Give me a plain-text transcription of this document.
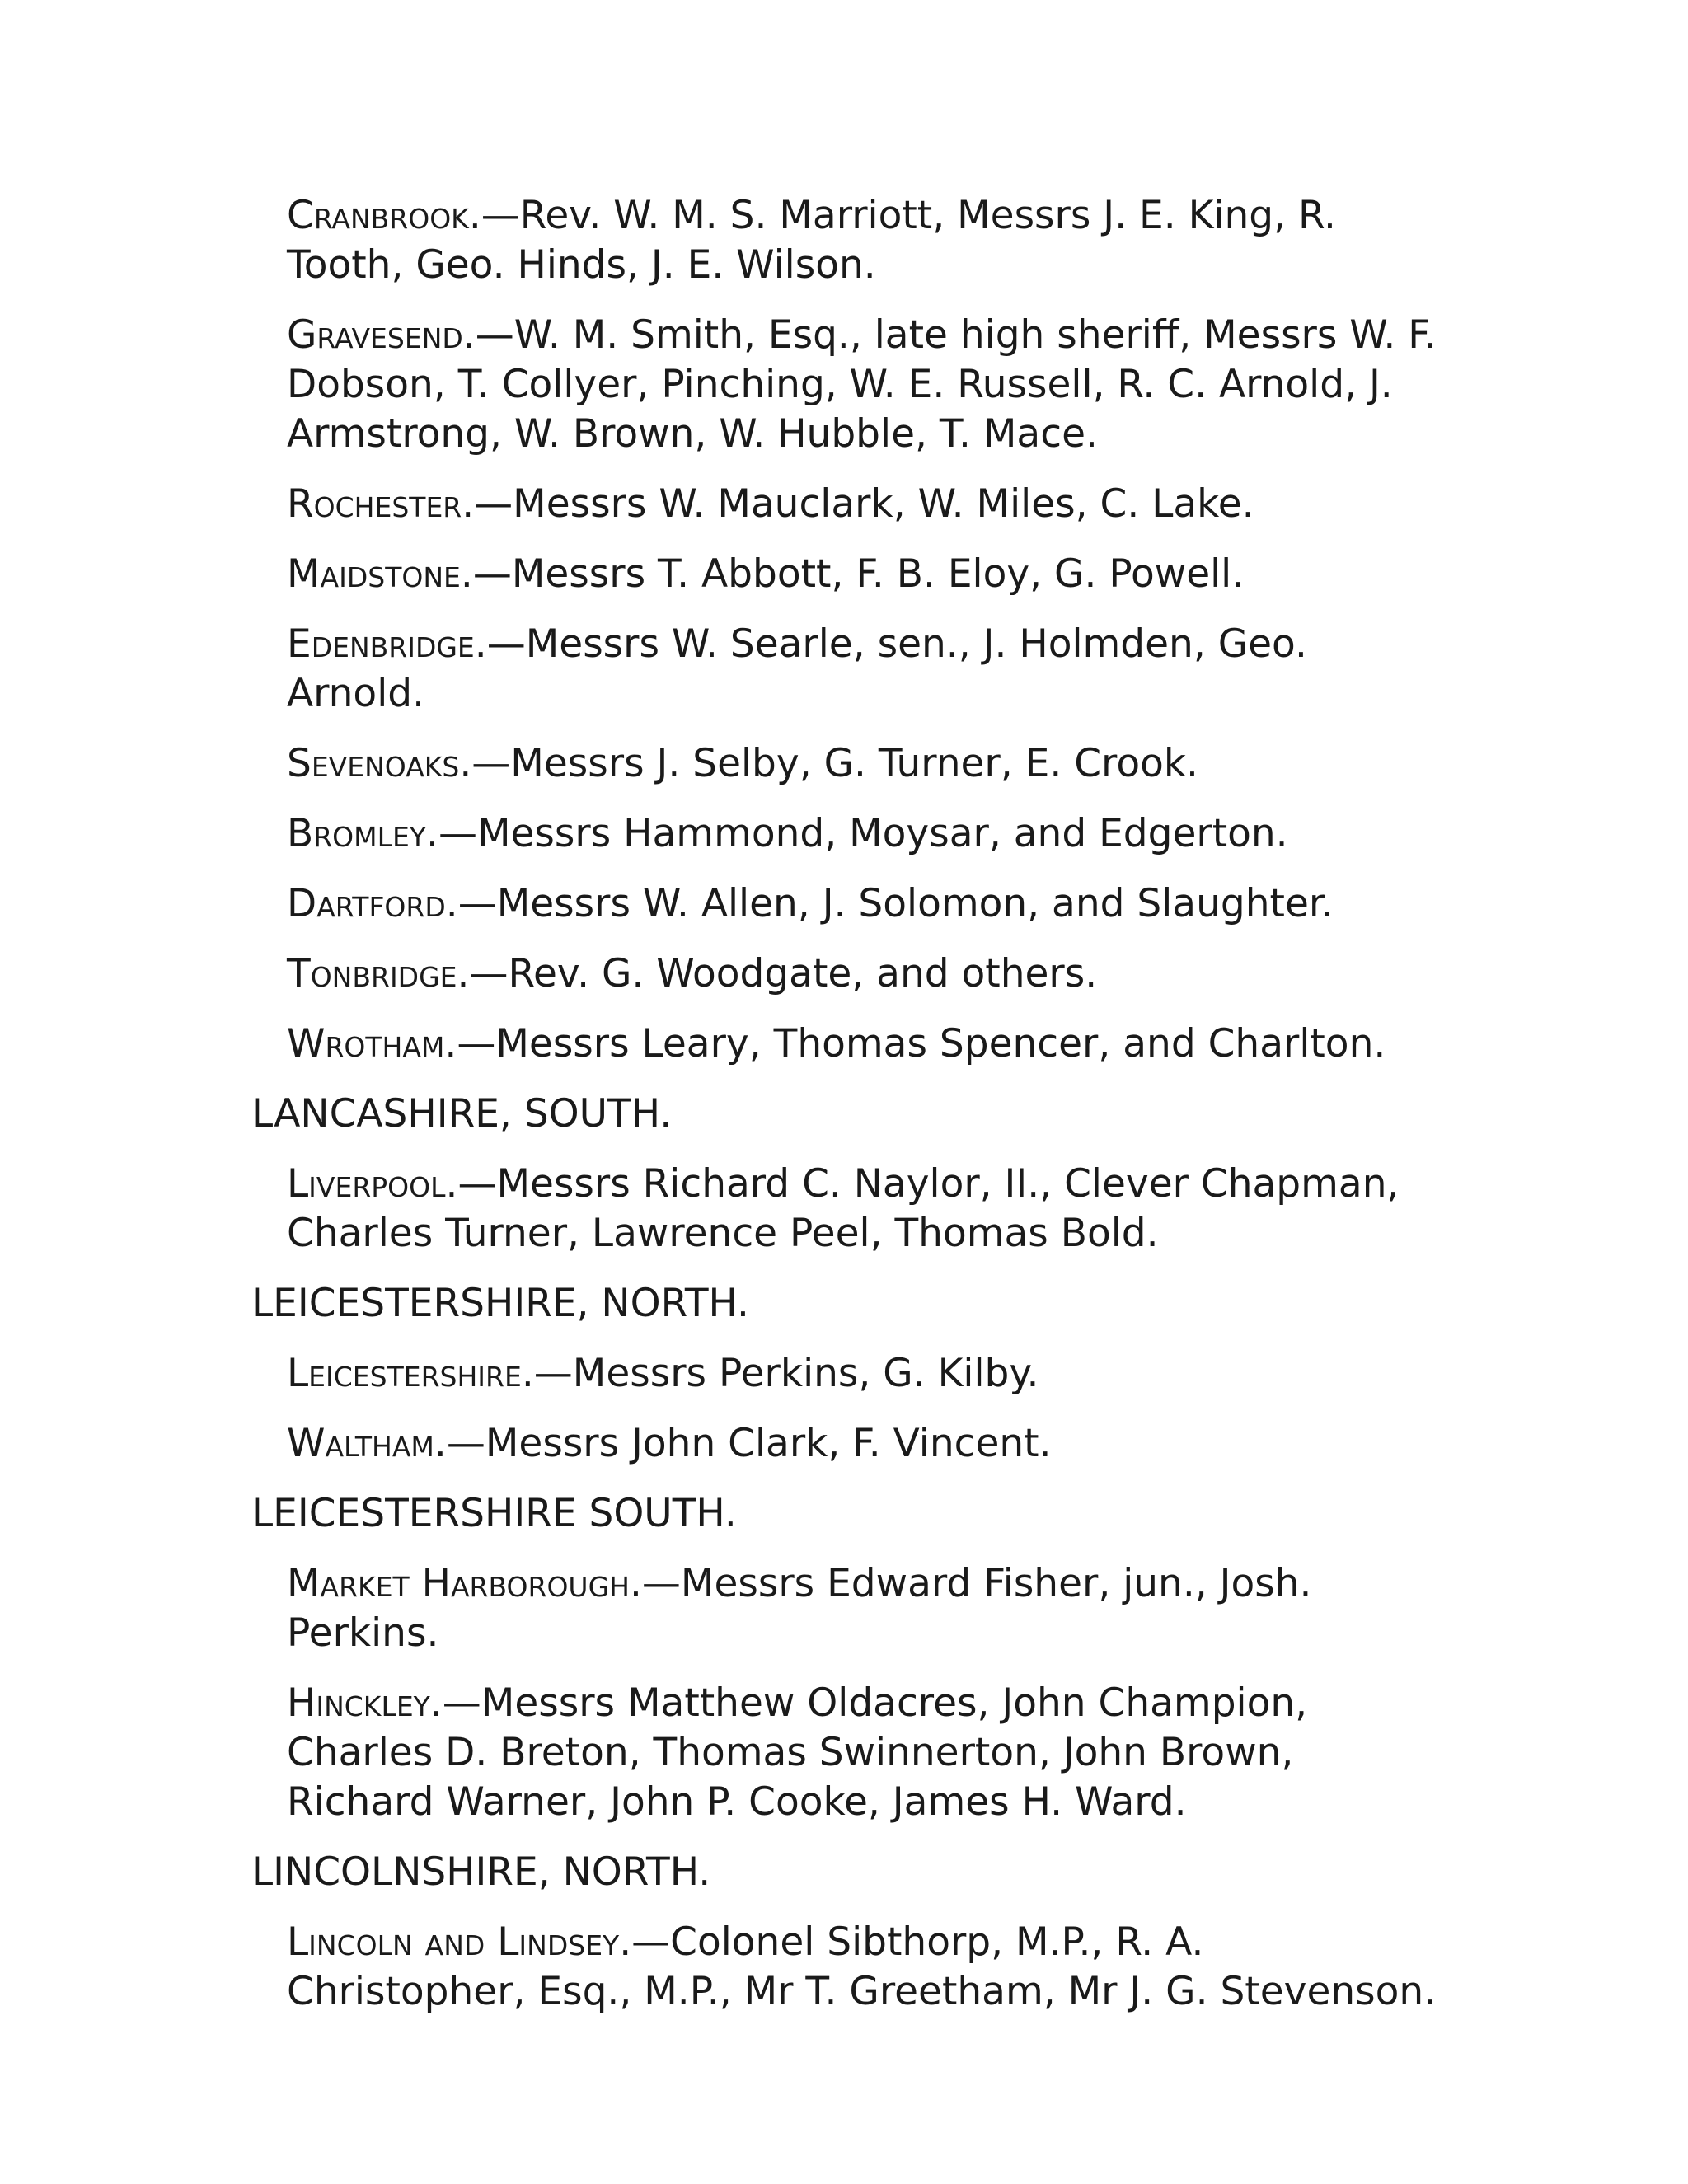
Cranbrook.—Rev. W. M. S. Marriott, Messrs J. E. King, R. Tooth, Geo. Hinds, J. E. Wilson.
Gravesend.—W. M. Smith, Esq., late high sheriff, Messrs W. F. Dobson, T. Collyer, Pinching, W. E. Russell, R. C. Arnold, J. Armstrong, W. Brown, W. Hubble, T. Mace.
Rochester.—Messrs W. Mauclark, W. Miles, C. Lake.
Maidstone.—Messrs T. Abbott, F. B. Eloy, G. Powell.
Edenbridge.—Messrs W. Searle, sen., J. Holmden, Geo. Arnold.
Sevenoaks.—Messrs J. Selby, G. Turner, E. Crook.
Bromley.—Messrs Hammond, Moysar, and Edgerton.
Dartford.—Messrs W. Allen, J. Solomon, and Slaughter.
Tonbridge.—Rev. G. Woodgate, and others.
Wrotham.—Messrs Leary, Thomas Spencer, and Charlton.
LANCASHIRE, SOUTH.
Liverpool.—Messrs Richard C. Naylor, II., Clever Chapman, Charles Turner, Lawrence Peel, Thomas Bold.
LEICESTERSHIRE, NORTH.
Leicestershire.—Messrs Perkins, G. Kilby.
Waltham.—Messrs John Clark, F. Vincent.
LEICESTERSHIRE SOUTH.
Market Harborough.—Messrs Edward Fisher, jun., Josh. Perkins.
Hinckley.—Messrs Matthew Oldacres, John Champion, Charles D. Breton, Thomas Swinnerton, John Brown, Richard Warner, John P. Cooke, James H. Ward.
LINCOLNSHIRE, NORTH.
Lincoln and Lindsey.—Colonel Sibthorp, M.P., R. A. Christopher, Esq., M.P., Mr T. Greetham, Mr J. G. Stevenson.
